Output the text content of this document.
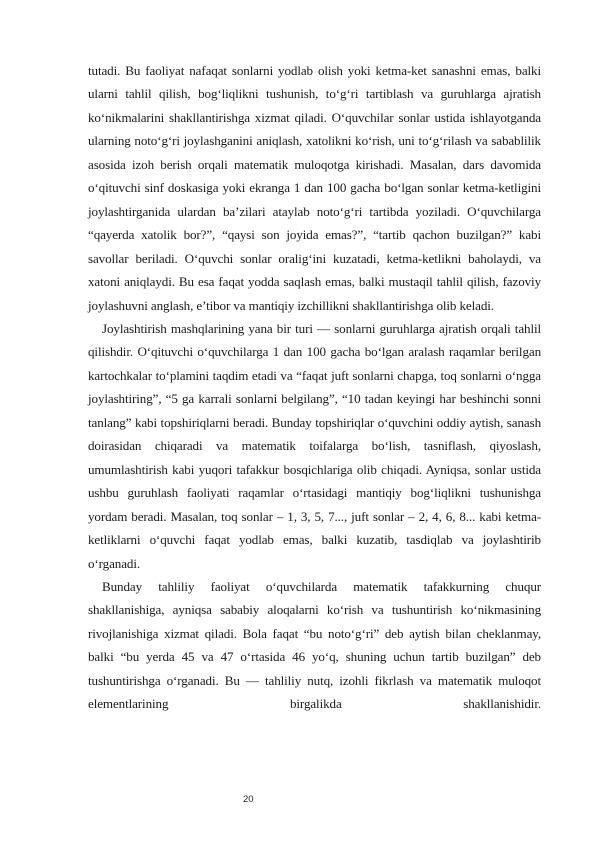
tutadi. Bu faoliyat nafaqat sonlarni yodlab olish yoki ketma-ket sanashni emas, balki ularni tahlil qilish, bog‘liqlikni tushunish, to‘g‘ri tartiblash va guruhlarga ajratish ko‘nikmalarini shakllantirishga xizmat qiladi. O‘quvchilar sonlar ustida ishlayotganda ularning noto‘g‘ri joylashganini aniqlash, xatolikni ko‘rish, uni to‘g‘rilash va sabablilik asosida izoh berish orqali matematik muloqotga kirishadi. Masalan, dars davomida o‘qituvchi sinf doskasiga yoki ekranga 1 dan 100 gacha bo‘lgan sonlar ketma-ketligini joylashtirganida ulardan ba’zilari ataylab noto‘g‘ri tartibda yoziladi. O‘quvchilarga “qayerda xatolik bor?”, “qaysi son joyida emas?”, “tartib qachon buzilgan?” kabi savollar beriladi. O‘quvchi sonlar oralig‘ini kuzatadi, ketma-ketlikni baholaydi, va xatoni aniqlaydi. Bu esa faqat yodda saqlash emas, balki mustaqil tahlil qilish, fazoviy joylashuvni anglash, e’tibor va mantiqiy izchillikni shakllantirishga olib keladi.

Joylashtirish mashqlarining yana bir turi — sonlarni guruhlarga ajratish orqali tahlil qilishdir. O‘qituvchi o‘quvchilarga 1 dan 100 gacha bo‘lgan aralash raqamlar berilgan kartochkalar to‘plamini taqdim etadi va “faqat juft sonlarni chapga, toq sonlarni o‘ngga joylashtiring”, “5 ga karrali sonlarni belgilang”, “10 tadan keyingi har beshinchi sonni tanlang” kabi topshiriqlarni beradi. Bunday topshiriqlar o‘quvchini oddiy aytish, sanash doirasidan chiqaradi va matematik toifalarga bo‘lish, tasniflash, qiyoslash, umumlashtirish kabi yuqori tafakkur bosqichlariga olib chiqadi. Ayniqsa, sonlar ustida ushbu guruhlash faoliyati raqamlar o‘rtasidagi mantiqiy bog‘liqlikni tushunishga yordam beradi. Masalan, toq sonlar – 1, 3, 5, 7..., juft sonlar – 2, 4, 6, 8... kabi ketma-ketliklarni o‘quvchi faqat yodlab emas, balki kuzatib, tasdiqlab va joylashtirib o‘rganadi.

Bunday tahliliy faoliyat o‘quvchilarda matematik tafakkurning chuqur shakllanishiga, ayniqsa sababiy aloqalarni ko‘rish va tushuntirish ko‘nikmasining rivojlanishiga xizmat qiladi. Bola faqat “bu noto‘g‘ri” deb aytish bilan cheklanmay, balki “bu yerda 45 va 47 o‘rtasida 46 yo‘q, shuning uchun tartib buzilgan” deb tushuntirishga o‘rganadi. Bu — tahliliy nutq, izohli fikrlash va matematik muloqot elementlarining birgalikda shakllanishidir.

20
